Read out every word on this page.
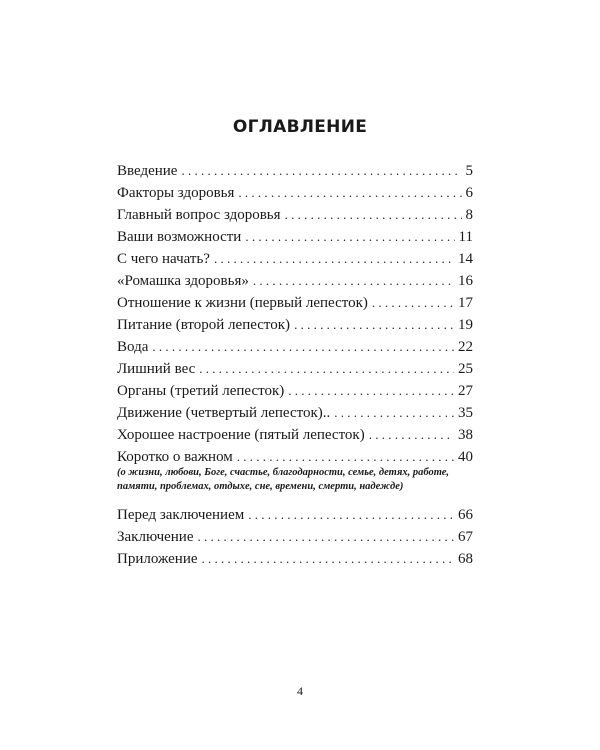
ОГЛАВЛЕНИЕ
Введение . . .	5
Факторы здоровья . . .	6
Главный вопрос здоровья . . .	8
Ваши возможности . . .	11
С чего начать? . . .	14
«Ромашка здоровья» . . .	16
Отношение к жизни (первый лепесток) . . .	17
Питание (второй лепесток) . . .	19
Вода . . .	22
Лишний вес . . .	25
Органы (третий лепесток) . . .	27
Движение (четвертый лепесток).. . . .	35
Хорошее настроение (пятый лепесток) . . .	38
Коротко о важном . . .	40
(о жизни, любови, Боге, счастье, благодарности, семье, детях, работе, памяти, проблемах, отдыхе, сне, времени, смерти, надежде)
Перед заключением . . .	66
Заключение . . .	67
Приложение . . .	68
4
